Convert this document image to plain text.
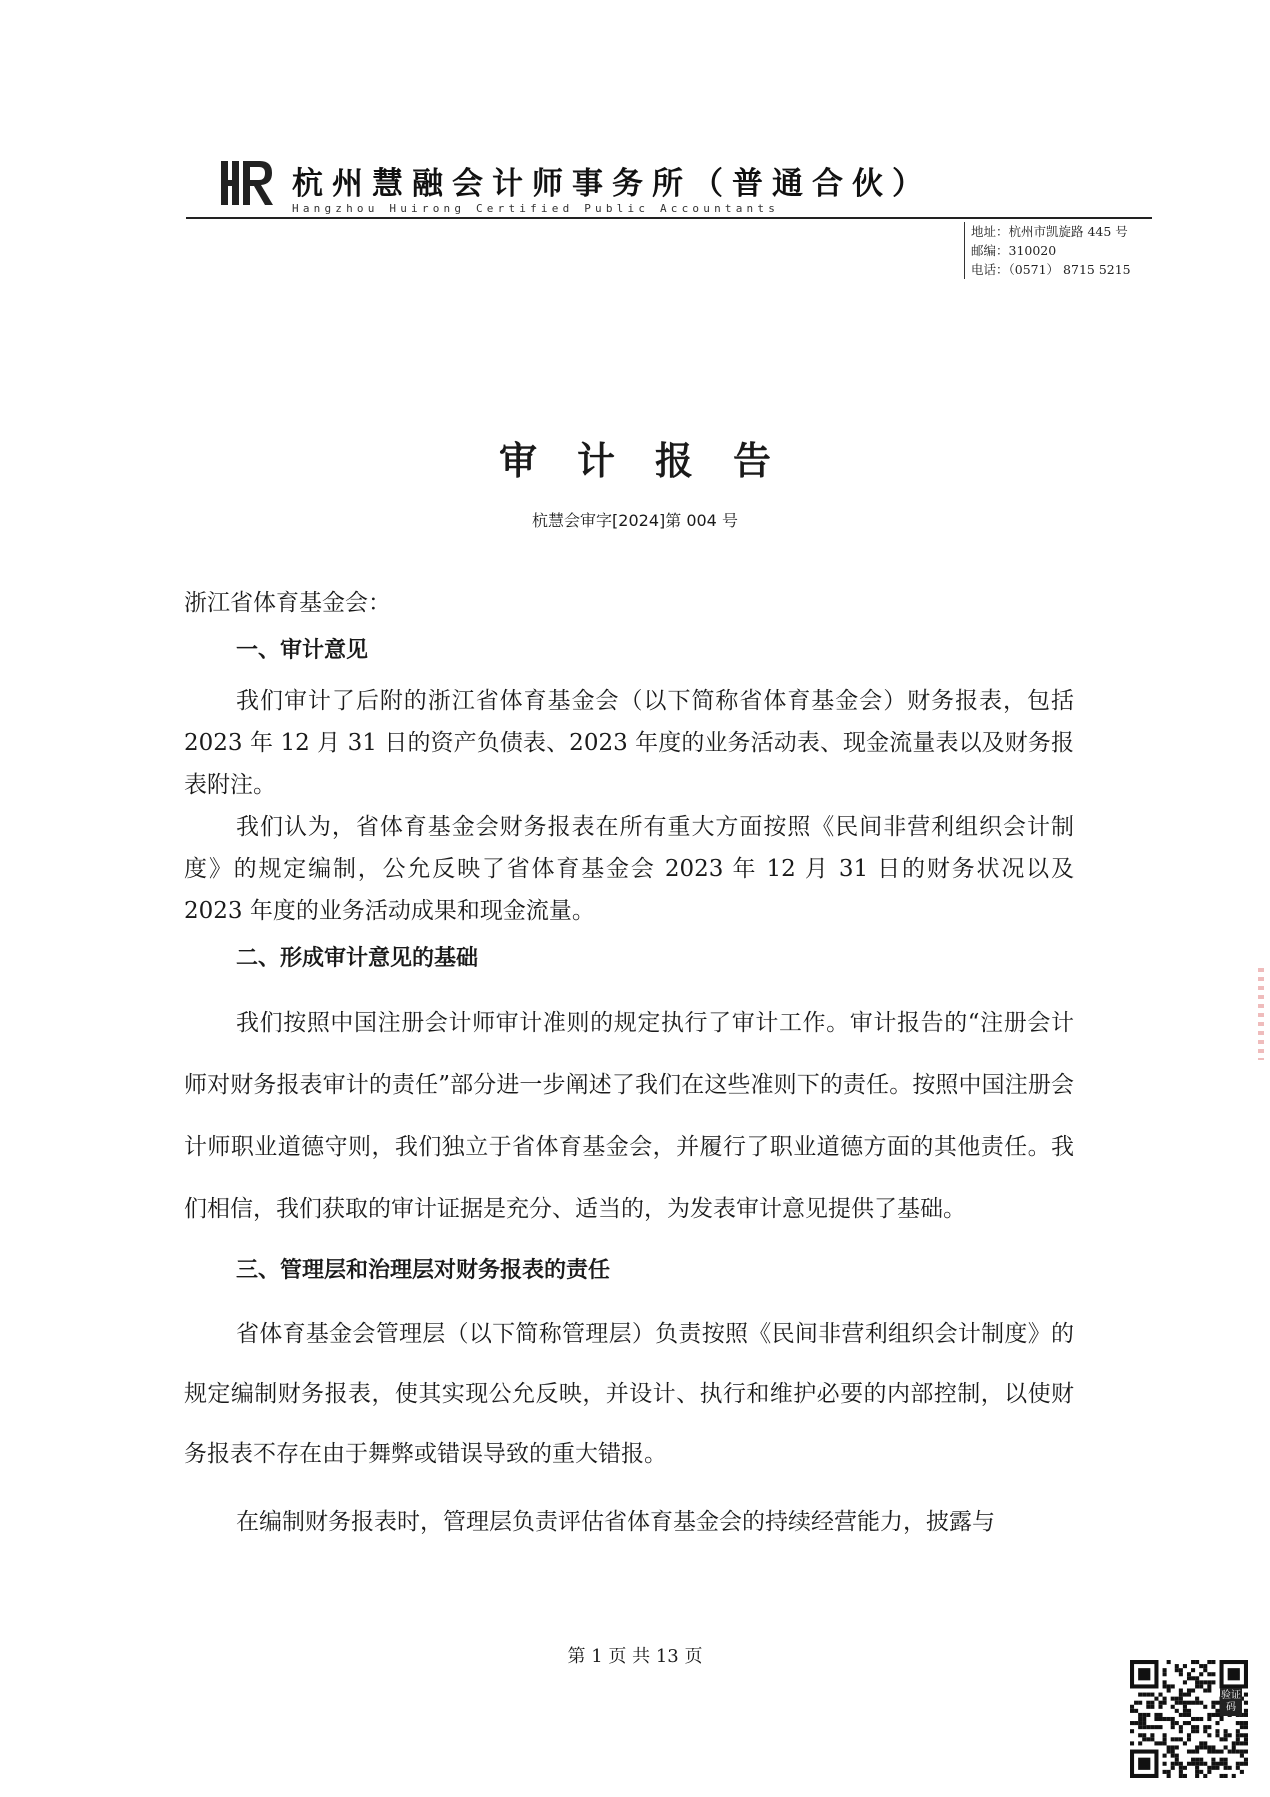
杭州慧融会计师事务所（普通合伙）
Hangzhou Huirong Certified Public Accountants
地址：杭州市凯旋路 445 号
邮编：310020
电话：（0571） 8715 5215
审计报告
杭慧会审字[2024]第 004 号

浙江省体育基金会：

一、审计意见

我们审计了后附的浙江省体育基金会（以下简称省体育基金会）财务报表，包括 2023 年 12 月 31 日的资产负债表、2023 年度的业务活动表、现金流量表以及财务报表附注。

我们认为，省体育基金会财务报表在所有重大方面按照《民间非营利组织会计制度》的规定编制，公允反映了省体育基金会 2023 年 12 月 31 日的财务状况以及 2023 年度的业务活动成果和现金流量。

二、形成审计意见的基础

我们按照中国注册会计师审计准则的规定执行了审计工作。审计报告的“注册会计师对财务报表审计的责任”部分进一步阐述了我们在这些准则下的责任。按照中国注册会计师职业道德守则，我们独立于省体育基金会，并履行了职业道德方面的其他责任。我们相信，我们获取的审计证据是充分、适当的，为发表审计意见提供了基础。

三、管理层和治理层对财务报表的责任

省体育基金会管理层（以下简称管理层）负责按照《民间非营利组织会计制度》的规定编制财务报表，使其实现公允反映，并设计、执行和维护必要的内部控制，以使财务报表不存在由于舞弊或错误导致的重大错报。

在编制财务报表时，管理层负责评估省体育基金会的持续经营能力，披露与

第 1 页 共 13 页
验证码
